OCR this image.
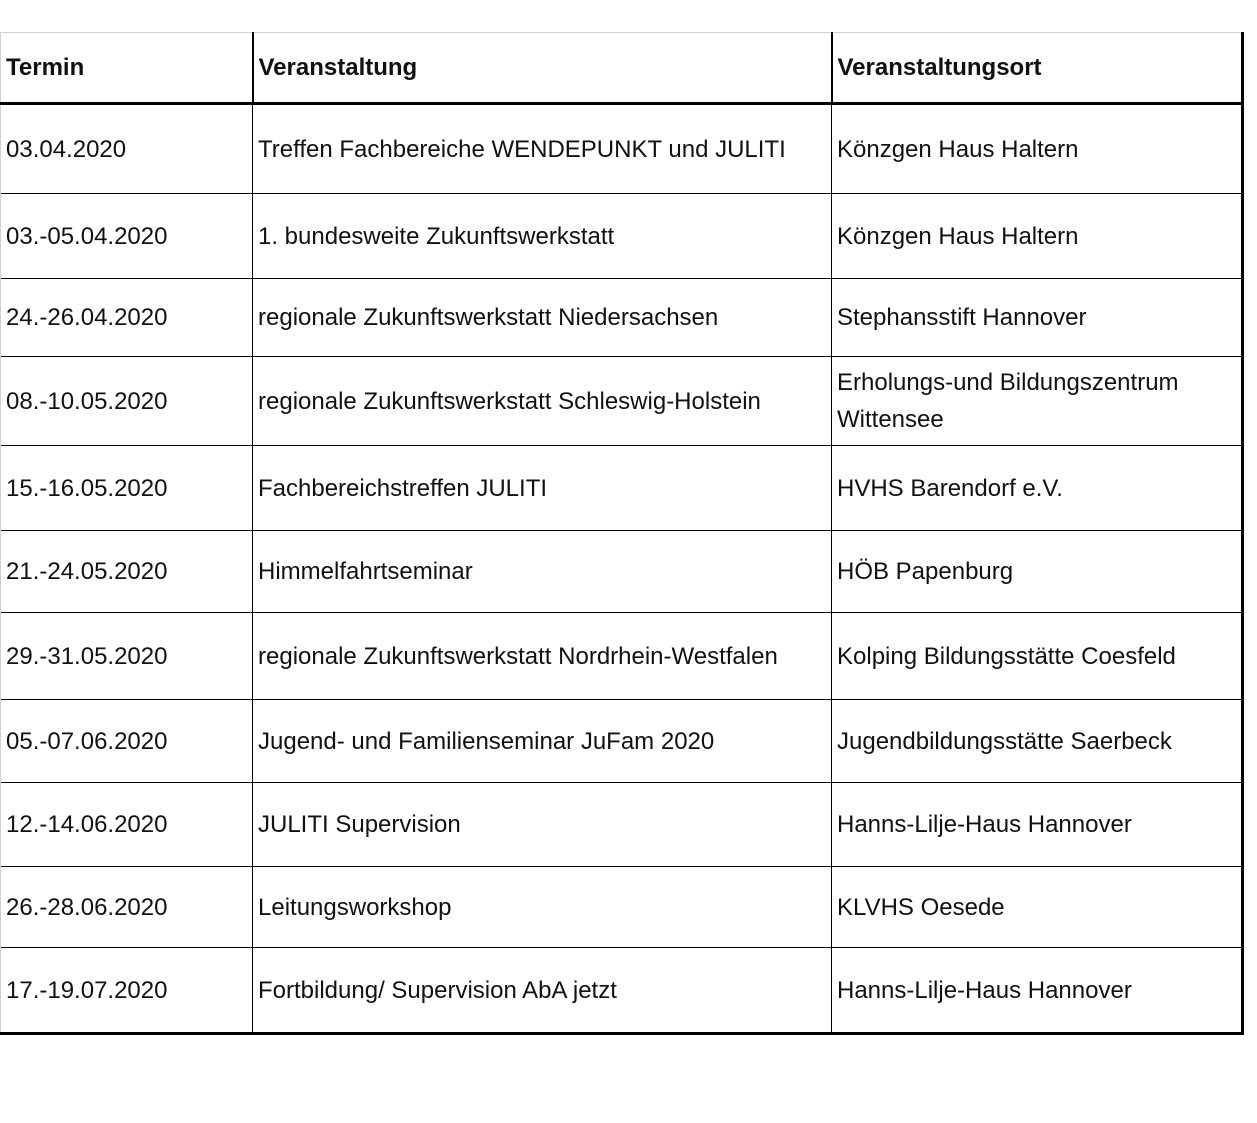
Termin	Veranstaltung	Veranstaltungsort
03.04.2020	Treffen Fachbereiche WENDEPUNKT und JULITI	Könzgen Haus Haltern
03.-05.04.2020	1. bundesweite Zukunftswerkstatt	Könzgen Haus Haltern
24.-26.04.2020	regionale Zukunftswerkstatt Niedersachsen	Stephansstift Hannover
08.-10.05.2020	regionale Zukunftswerkstatt Schleswig-Holstein	Erholungs-und Bildungszentrum Wittensee
15.-16.05.2020	Fachbereichstreffen JULITI	HVHS Barendorf e.V.
21.-24.05.2020	Himmelfahrtseminar	HÖB Papenburg
29.-31.05.2020	regionale Zukunftswerkstatt Nordrhein-Westfalen	Kolping Bildungsstätte Coesfeld
05.-07.06.2020	Jugend- und Familienseminar JuFam 2020	Jugendbildungsstätte Saerbeck
12.-14.06.2020	JULITI Supervision	Hanns-Lilje-Haus Hannover
26.-28.06.2020	Leitungsworkshop	KLVHS Oesede
17.-19.07.2020	Fortbildung/ Supervision AbA jetzt	Hanns-Lilje-Haus Hannover
